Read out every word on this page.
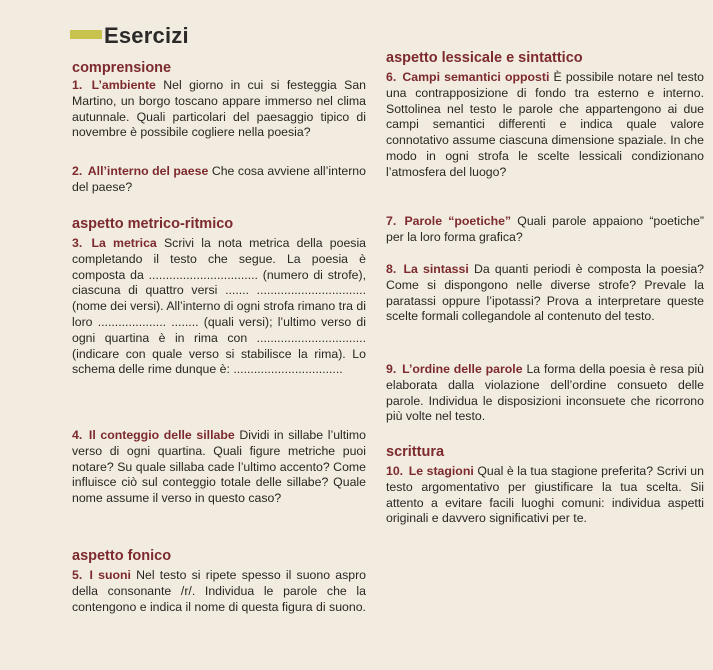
Esercizi
comprensione
1. L’ambiente Nel giorno in cui si festeggia San Martino, un borgo toscano appare immerso nel clima autunnale. Quali particolari del paesaggio tipico di novembre è possibile cogliere nella poesia?
2. All’interno del paese Che cosa avviene all’interno del paese?
aspetto metrico-ritmico
3. La metrica Scrivi la nota metrica della poesia completando il testo che segue. La poesia è composta da ................................ (numero di strofe), ciascuna di quattro versi ....... ................................ (nome dei versi). All’interno di ogni strofa rimano tra di loro .................... ........ (quali versi); l’ultimo verso di ogni quartina è in rima con ................................ (indicare con quale verso si stabilisce la rima). Lo schema delle rime dunque è: ................................
4. Il conteggio delle sillabe Dividi in sillabe l’ultimo verso di ogni quartina. Quali figure metriche puoi notare? Su quale sillaba cade l’ultimo accento? Come influisce ciò sul conteggio totale delle sillabe? Quale nome assume il verso in questo caso?
aspetto fonico
5. I suoni Nel testo si ripete spesso il suono aspro della consonante /r/. Individua le parole che la contengono e indica il nome di questa figura di suono.
aspetto lessicale e sintattico
6. Campi semantici opposti È possibile notare nel testo una contrapposizione di fondo tra esterno e interno. Sottolinea nel testo le parole che appartengono ai due campi semantici differenti e indica quale valore connotativo assume ciascuna dimensione spaziale. In che modo in ogni strofa le scelte lessicali condizionano l’atmosfera del luogo?
7. Parole “poetiche” Quali parole appaiono “poetiche” per la loro forma grafica?
8. La sintassi Da quanti periodi è composta la poesia? Come si dispongono nelle diverse strofe? Prevale la paratassi oppure l’ipotassi? Prova a interpretare queste scelte formali collegandole al contenuto del testo.
9. L’ordine delle parole La forma della poesia è resa più elaborata dalla violazione dell’ordine consueto delle parole. Individua le disposizioni inconsuete che ricorrono più volte nel testo.
scrittura
10. Le stagioni Qual è la tua stagione preferita? Scrivi un testo argomentativo per giustificare la tua scelta. Sii attento a evitare facili luoghi comuni: individua aspetti originali e davvero significativi per te.
